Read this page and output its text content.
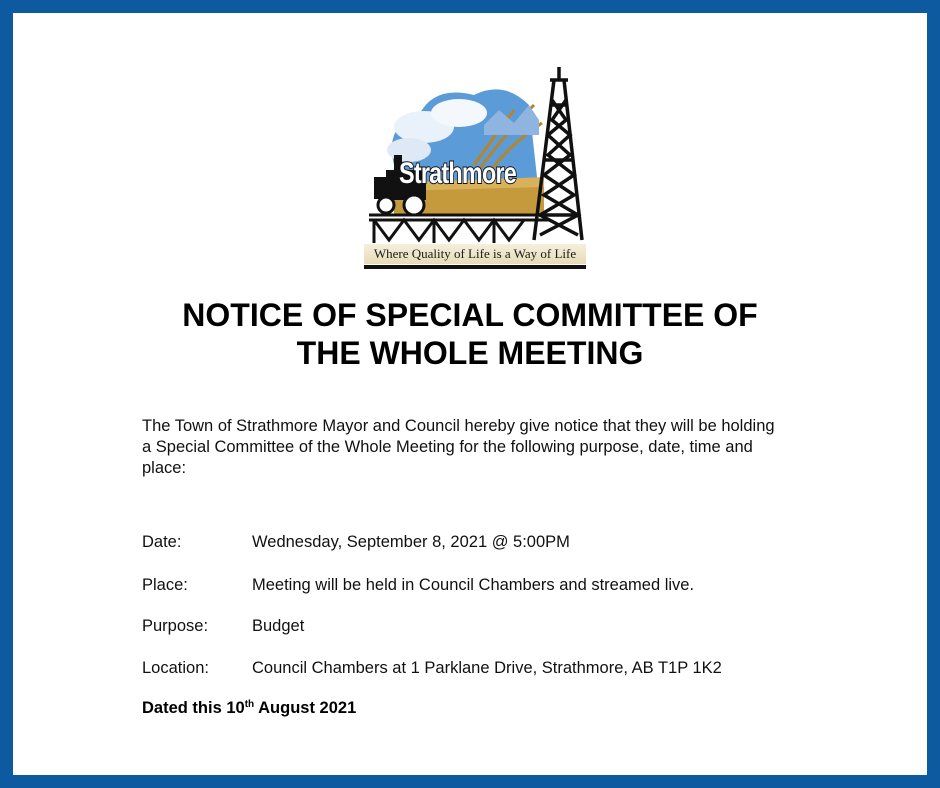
Strathmore
Where Quality of Life is a Way of Life
NOTICE OF SPECIAL COMMITTEE OF
THE WHOLE MEETING
The Town of Strathmore Mayor and Council hereby give notice that they will be holding a Special Committee of the Whole Meeting for the following purpose, date, time and place:
Date:	Wednesday, September 8, 2021 @ 5:00PM
Place:	Meeting will be held in Council Chambers and streamed live.
Purpose:	Budget
Location:	Council Chambers at 1 Parklane Drive, Strathmore, AB T1P 1K2
Dated this 10th August 2021
